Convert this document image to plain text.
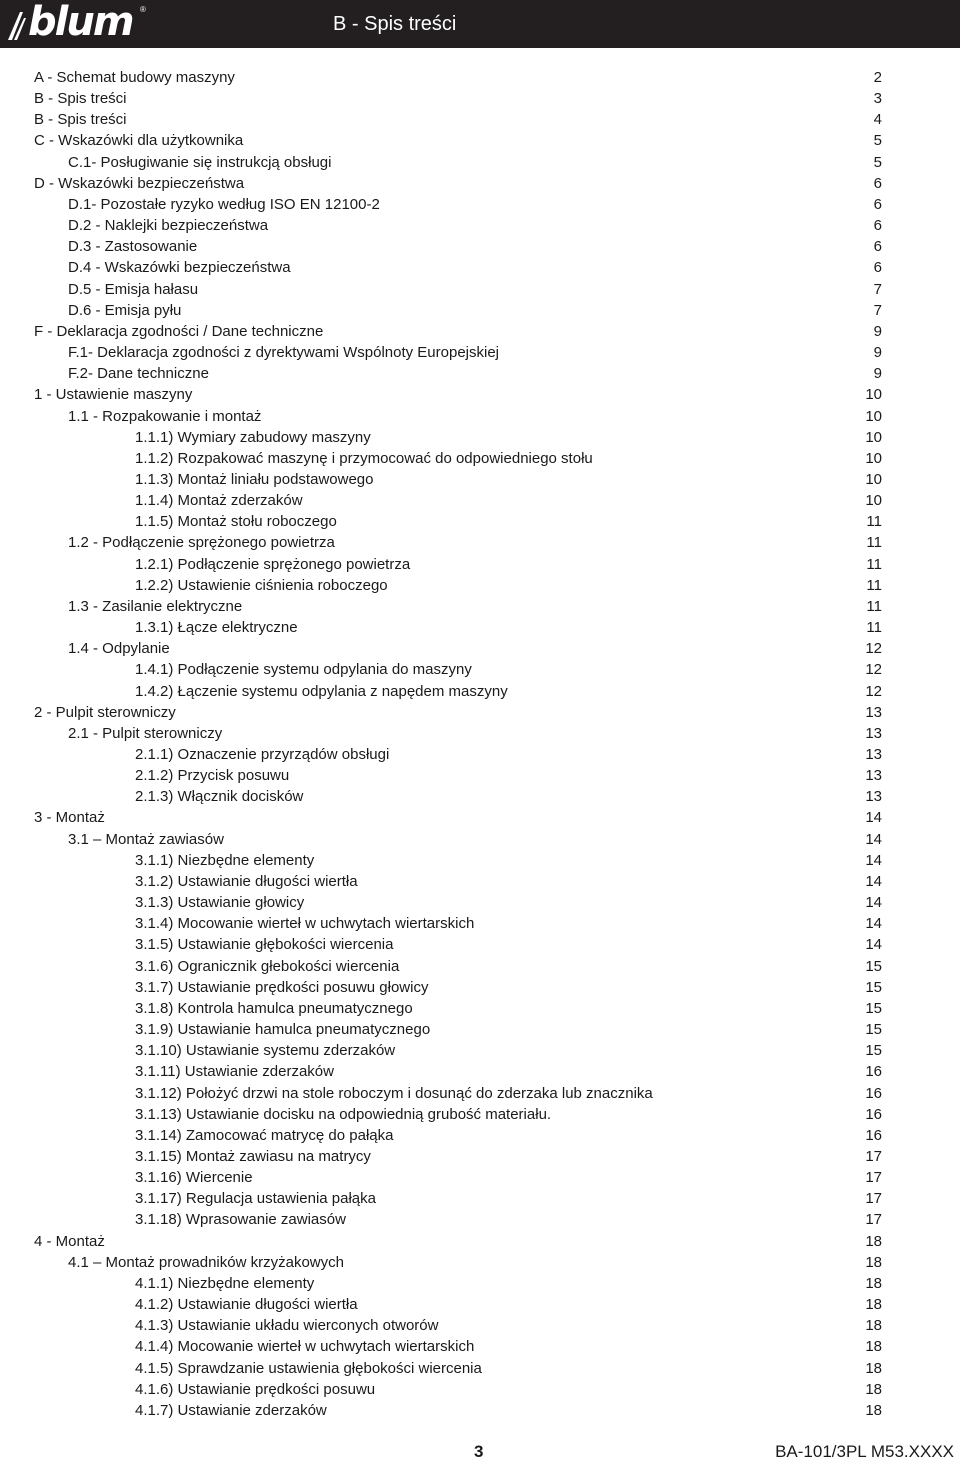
blum ®
B - Spis treści
A - Schemat budowy maszyny	2
B - Spis treści	3
B - Spis treści	4
C - Wskazówki dla użytkownika	5
C.1- Posługiwanie się instrukcją obsługi	5
D - Wskazówki bezpieczeństwa	6
D.1- Pozostałe ryzyko według ISO EN 12100-2	6
D.2 - Naklejki bezpieczeństwa	6
D.3 - Zastosowanie	6
D.4 - Wskazówki bezpieczeństwa	6
D.5 - Emisja hałasu	7
D.6 - Emisja pyłu	7
F - Deklaracja zgodności / Dane techniczne	9
F.1- Deklaracja zgodności z dyrektywami Wspólnoty Europejskiej	9
F.2- Dane techniczne	9
1 - Ustawienie maszyny	10
1.1 - Rozpakowanie i montaż	10
1.1.1) Wymiary zabudowy maszyny	10
1.1.2) Rozpakować maszynę i przymocować do odpowiedniego stołu	10
1.1.3) Montaż liniału podstawowego	10
1.1.4) Montaż zderzaków	10
1.1.5) Montaż stołu roboczego	11
1.2 - Podłączenie sprężonego powietrza	11
1.2.1) Podłączenie sprężonego powietrza	11
1.2.2) Ustawienie ciśnienia roboczego	11
1.3 - Zasilanie elektryczne	11
1.3.1) Łącze elektryczne	11
1.4 - Odpylanie	12
1.4.1) Podłączenie systemu odpylania do maszyny	12
1.4.2) Łączenie systemu odpylania z napędem maszyny	12
2 - Pulpit sterowniczy	13
2.1 - Pulpit sterowniczy	13
2.1.1) Oznaczenie przyrządów obsługi	13
2.1.2) Przycisk posuwu	13
2.1.3) Włącznik docisków	13
3 - Montaż	14
3.1 – Montaż zawiasów	14
3.1.1) Niezbędne elementy	14
3.1.2) Ustawianie długości wiertła	14
3.1.3) Ustawianie głowicy	14
3.1.4) Mocowanie wierteł w uchwytach wiertarskich	14
3.1.5) Ustawianie głębokości wiercenia	14
3.1.6) Ogranicznik głebokości wiercenia	15
3.1.7) Ustawianie prędkości posuwu głowicy	15
3.1.8) Kontrola hamulca pneumatycznego	15
3.1.9) Ustawianie hamulca pneumatycznego	15
3.1.10) Ustawianie systemu zderzaków	15
3.1.11) Ustawianie zderzaków	16
3.1.12) Położyć drzwi na stole roboczym i dosunąć do zderzaka lub znacznika	16
3.1.13) Ustawianie docisku na odpowiednią grubość materiału.	16
3.1.14) Zamocować matrycę do pałąka	16
3.1.15) Montaż zawiasu na matrycy	17
3.1.16) Wiercenie	17
3.1.17) Regulacja ustawienia pałąka	17
3.1.18) Wprasowanie zawiasów	17
4 - Montaż	18
4.1 – Montaż prowadników krzyżakowych	18
4.1.1) Niezbędne elementy	18
4.1.2) Ustawianie długości wiertła	18
4.1.3) Ustawianie układu wierconych otworów	18
4.1.4) Mocowanie wierteł w uchwytach wiertarskich	18
4.1.5) Sprawdzanie ustawienia głębokości wiercenia	18
4.1.6) Ustawianie prędkości posuwu	18
4.1.7) Ustawianie zderzaków	18
3	BA-101/3PL M53.XXXX
